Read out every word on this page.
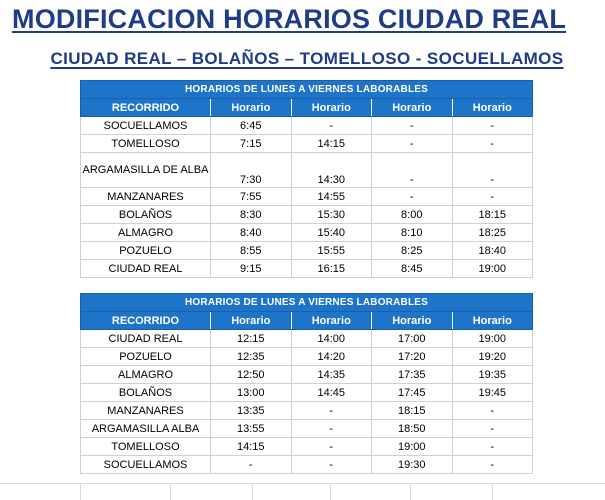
MODIFICACION HORARIOS CIUDAD REAL
CIUDAD REAL – BOLAÑOS – TOMELLOSO - SOCUELLAMOS
HORARIOS DE LUNES A VIERNES LABORABLES				
RECORRIDO	Horario	Horario	Horario	Horario
SOCUELLAMOS	6:45	-	-	-
TOMELLOSO	7:15	14:15	-	-
ARGAMASILLA DE ALBA	7:30	14:30	-	-
MANZANARES	7:55	14:55	-	-
BOLAÑOS	8:30	15:30	8:00	18:15
ALMAGRO	8:40	15:40	8:10	18:25
POZUELO	8:55	15:55	8:25	18:40
CIUDAD REAL	9:15	16:15	8:45	19:00
HORARIOS DE LUNES A VIERNES LABORABLES				
RECORRIDO	Horario	Horario	Horario	Horario
CIUDAD REAL	12:15	14:00	17:00	19:00
POZUELO	12:35	14:20	17:20	19:20
ALMAGRO	12:50	14:35	17:35	19:35
BOLAÑOS	13:00	14:45	17:45	19:45
MANZANARES	13:35	-	18:15	-
ARGAMASILLA ALBA	13:55	-	18:50	-
TOMELLOSO	14:15	-	19:00	-
SOCUELLAMOS	-	-	19:30	-
